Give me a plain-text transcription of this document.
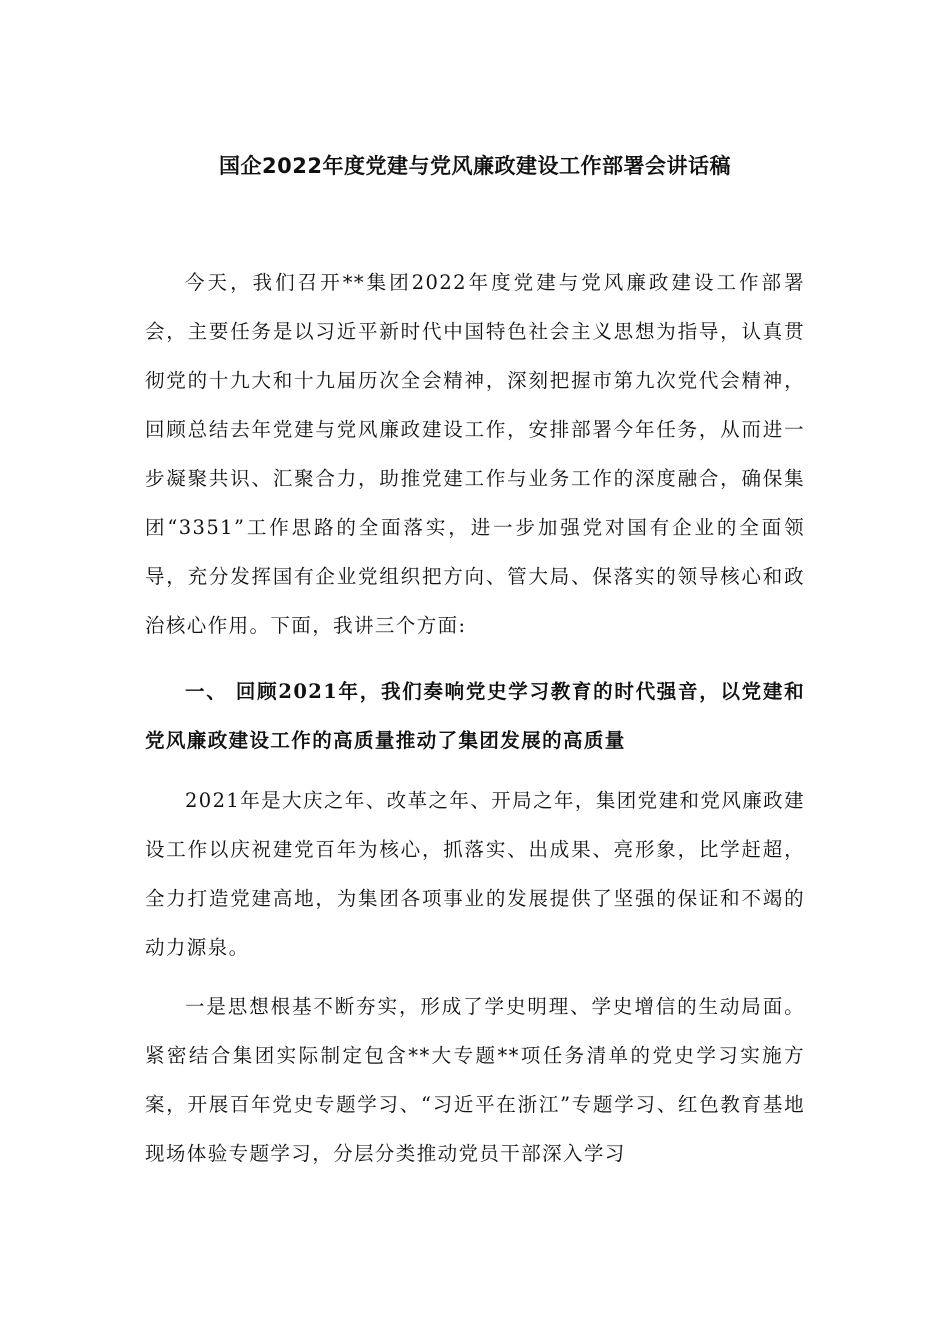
国企2022年度党建与党风廉政建设工作部署会讲话稿

今天，我们召开**集团2022年度党建与党风廉政建设工作部署会，主要任务是以习近平新时代中国特色社会主义思想为指导，认真贯彻党的十九大和十九届历次全会精神，深刻把握市第九次党代会精神，回顾总结去年党建与党风廉政建设工作，安排部署今年任务，从而进一步凝聚共识、汇聚合力，助推党建工作与业务工作的深度融合，确保集团“3351”工作思路的全面落实，进一步加强党对国有企业的全面领导，充分发挥国有企业党组织把方向、管大局、保落实的领导核心和政治核心作用。下面，我讲三个方面:

一、 回顾2021年，我们奏响党史学习教育的时代强音，以党建和党风廉政建设工作的高质量推动了集团发展的高质量

2021年是大庆之年、改革之年、开局之年，集团党建和党风廉政建设工作以庆祝建党百年为核心，抓落实、出成果、亮形象，比学赶超，全力打造党建高地，为集团各项事业的发展提供了坚强的保证和不竭的动力源泉。

一是思想根基不断夯实，形成了学史明理、学史增信的生动局面。紧密结合集团实际制定包含**大专题**项任务清单的党史学习实施方案，开展百年党史专题学习、“习近平在浙江”专题学习、红色教育基地现场体验专题学习，分层分类推动党员干部深入学习
